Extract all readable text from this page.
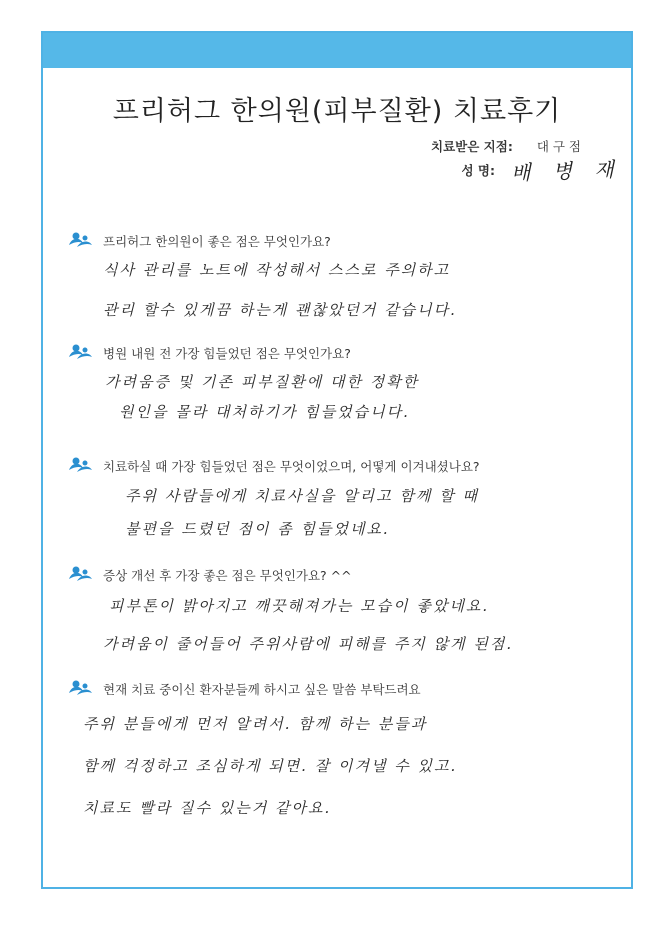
프리허그 한의원(피부질환) 치료후기
치료받은 지점: 대 구 점
성 명: 배 병 재
프리허그 한의원이 좋은 점은 무엇인가요?
식사 관리를 노트에 작성해서 스스로 주의하고
관리 할수 있게끔 하는게 괜찮았던거 같습니다.
병원 내원 전 가장 힘들었던 점은 무엇인가요?
가려움증 및 기존 피부질환에 대한 정확한
원인을 몰라 대처하기가 힘들었습니다.
치료하실 때 가장 힘들었던 점은 무엇이었으며, 어떻게 이겨내셨나요?
주위 사람들에게 치료사실을 알리고 함께 할 때
불편을 드렸던 점이 좀 힘들었네요.
증상 개선 후 가장 좋은 점은 무엇인가요? ^^
피부톤이 밝아지고 깨끗해져가는 모습이 좋았네요.
가려움이 줄어들어 주위사람에 피해를 주지 않게 된점.
현재 치료 중이신 환자분들께 하시고 싶은 말씀 부탁드려요
주위 분들에게 먼저 알려서. 함께 하는 분들과
함께 걱정하고 조심하게 되면. 잘 이겨낼 수 있고.
치료도 빨라 질수 있는거 같아요.
